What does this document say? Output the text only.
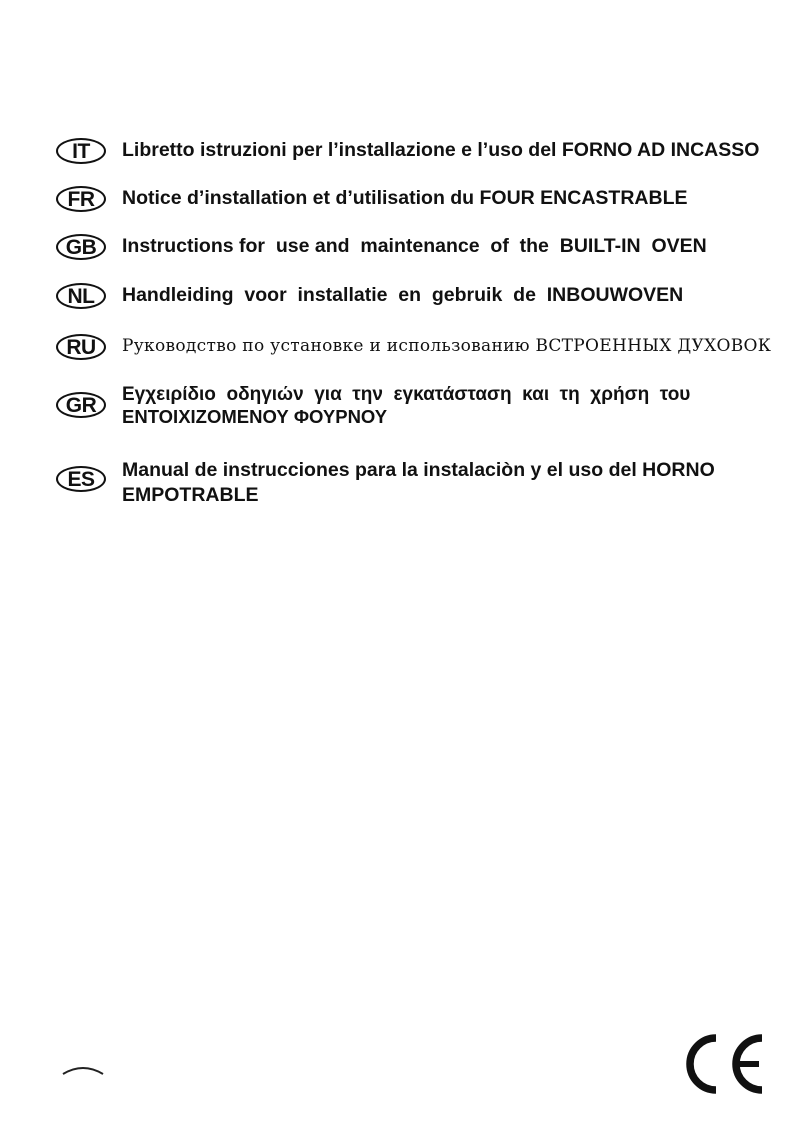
IT	Libretto istruzioni per l’installazione e l’uso del FORNO AD INCASSO
FR	Notice d’installation et d’utilisation du FOUR ENCASTRABLE
GB	Instructions for  use and  maintenance  of  the  BUILT-IN  OVEN
NL	Handleiding  voor  installatie  en  gebruik  de  INBOUWOVEN
RU	Руководство по установке и использованию ВСТРОЕННЫХ ДУХОВОК
GR	Εγχειρίδιο  οδηγιών  για  την  εγκατάσταση  και  τη  χρήση  του
ΕΝΤΟΙΧΙΖΟΜΕΝΟΥ ΦΟΥΡΝΟΥ
ES	Manual de instrucciones para la instalaciòn y el uso del HORNO
EMPOTRABLE
